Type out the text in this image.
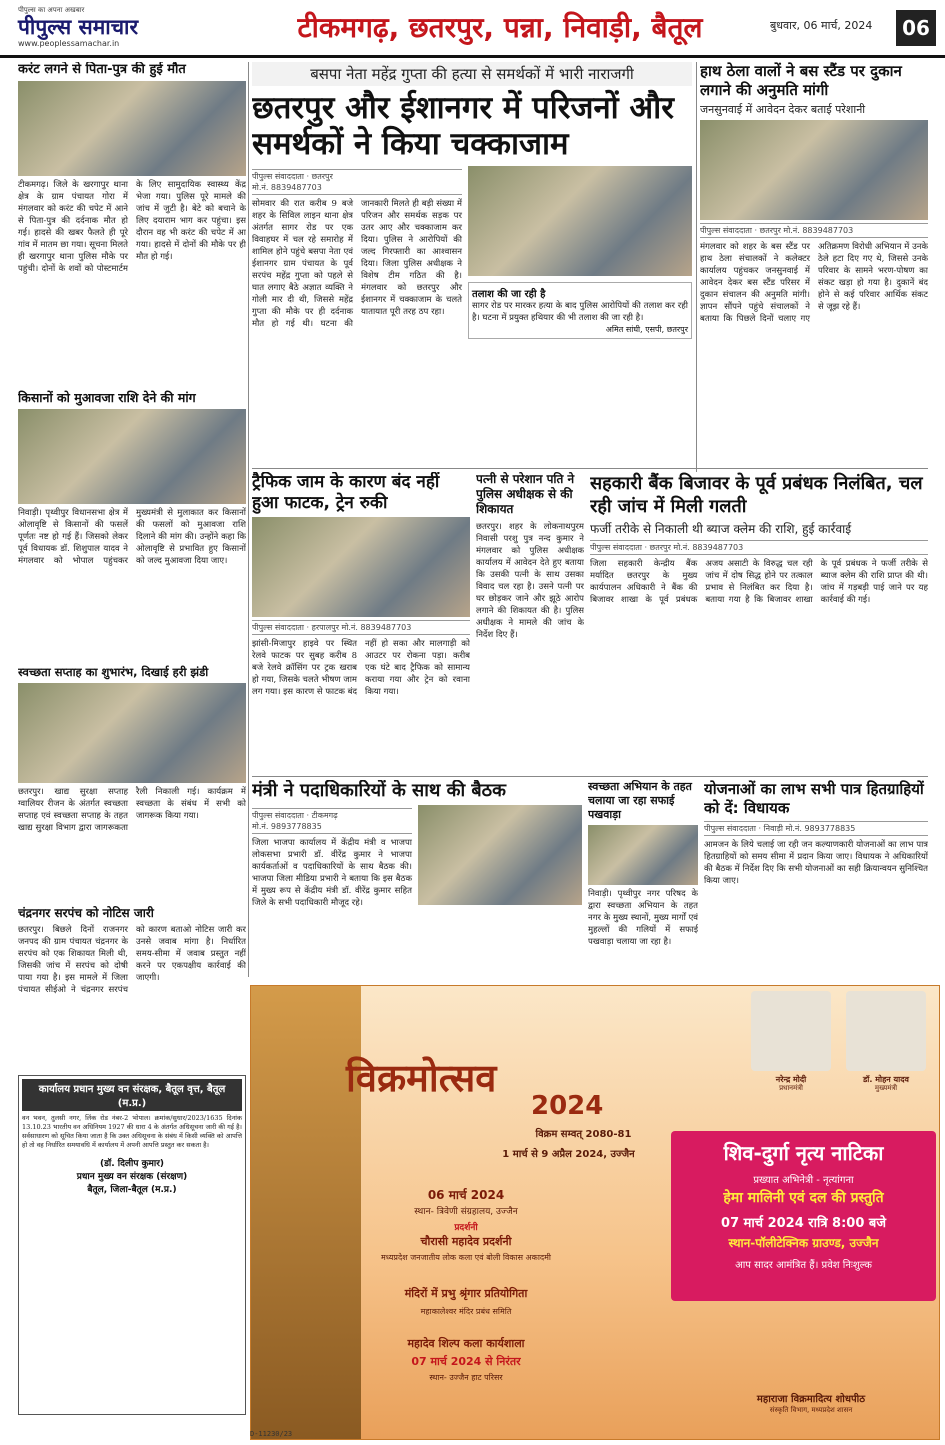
पीपुल्स का अपना अखबार
पीपुल्स समाचार
www.peoplessamachar.in	टीकमगढ़, छतरपुर, पन्ना, निवाड़ी, बैतूल	बुधवार, 06 मार्च, 2024	06
करंट लगने से पिता-पुत्र की हुई मौत
टीकमगढ़। जिले के खरगापुर थाना क्षेत्र के ग्राम पंचायत गोरा में मंगलवार को करंट की चपेट में आने से पिता-पुत्र की दर्दनाक मौत हो गई। हादसे की खबर फैलते ही पूरे गांव में मातम छा गया। सूचना मिलते ही खरगापुर थाना पुलिस मौके पर पहुंची। दोनों के शवों को पोस्टमार्टम के लिए सामुदायिक स्वास्थ्य केंद्र भेजा गया। पुलिस पूरे मामले की जांच में जुटी है। बेटे को बचाने के लिए दयाराम भाग कर पहुंचा। इस दौरान वह भी करंट की चपेट में आ गया। हादसे में दोनों की मौके पर ही मौत हो गई।
बसपा नेता महेंद्र गुप्ता की हत्या से समर्थकों में भारी नाराजगी
छतरपुर और ईशानगर में परिजनों और समर्थकों ने किया चक्काजाम
पीपुल्स संवाददाता · छतरपुर
मो.नं. 8839487703
सोमवार की रात करीब 9 बजे शहर के सिविल लाइन थाना क्षेत्र अंतर्गत सागर रोड पर एक विवाहघर में चल रहे समारोह में शामिल होने पहुंचे बसपा नेता एवं ईशानगर ग्राम पंचायत के पूर्व सरपंच महेंद्र गुप्ता को पहले से घात लगाए बैठे अज्ञात व्यक्ति ने गोली मार दी थी, जिससे महेंद्र गुप्ता की मौके पर ही दर्दनाक मौत हो गई थी। घटना की जानकारी मिलते ही बड़ी संख्या में परिजन और समर्थक सड़क पर उतर आए और चक्काजाम कर दिया। पुलिस ने आरोपियों की जल्द गिरफ्तारी का आश्वासन दिया। जिला पुलिस अधीक्षक ने विशेष टीम गठित की है। मंगलवार को छतरपुर और ईशानगर में चक्काजाम के चलते यातायात पूरी तरह ठप रहा।
तलाश की जा रही है
सागर रोड पर मारकर हत्या के बाद पुलिस आरोपियों की तलाश कर रही है। घटना में प्रयुक्त हथियार की भी तलाश की जा रही है।
अमित सांघी, एसपी, छतरपुर
हाथ ठेला वालों ने बस स्टैंड पर दुकान लगाने की अनुमति मांगी
जनसुनवाई में आवेदन देकर बताई परेशानी
पीपुल्स संवाददाता · छतरपुर मो.नं. 8839487703
मंगलवार को शहर के बस स्टैंड पर हाथ ठेला संचालकों ने कलेक्टर कार्यालय पहुंचकर जनसुनवाई में आवेदन देकर बस स्टैंड परिसर में दुकान संचालन की अनुमति मांगी। ज्ञापन सौंपने पहुंचे संचालकों ने बताया कि पिछले दिनों चलाए गए अतिक्रमण विरोधी अभियान में उनके ठेले हटा दिए गए थे, जिससे उनके परिवार के सामने भरण-पोषण का संकट खड़ा हो गया है। दुकानें बंद होने से कई परिवार आर्थिक संकट से जूझ रहे हैं।
किसानों को मुआवजा राशि देने की मांग
निवाड़ी। पृथ्वीपुर विधानसभा क्षेत्र में ओलावृष्टि से किसानों की फसलें पूर्णतः नष्ट हो गई हैं। जिसको लेकर पूर्व विधायक डॉ. शिशुपाल यादव ने मंगलवार को भोपाल पहुंचकर मुख्यमंत्री से मुलाकात कर किसानों की फसलों को मुआवजा राशि दिलाने की मांग की। उन्होंने कहा कि ओलावृष्टि से प्रभावित हुए किसानों को जल्द मुआवजा दिया जाए।
ट्रैफिक जाम के कारण बंद नहीं हुआ फाटक, ट्रेन रुकी
पीपुल्स संवाददाता · हरपालपुर मो.नं. 8839487703
झांसी-मिजापुर हाइवे पर स्थित रेलवे फाटक पर सुबह करीब 8 बजे रेलवे क्रॉसिंग पर ट्रक खराब हो गया, जिसके चलते भीषण जाम लग गया। इस कारण से फाटक बंद नहीं हो सका और मालगाड़ी को आउटर पर रोकना पड़ा। करीब एक घंटे बाद ट्रैफिक को सामान्य कराया गया और ट्रेन को रवाना किया गया।
पत्नी से परेशान पति ने पुलिस अधीक्षक से की शिकायत
छतरपुर। शहर के लोकनाथपुरम निवासी परशु पुत्र नन्द कुमार ने मंगलवार को पुलिस अधीक्षक कार्यालय में आवेदन देते हुए बताया कि उसकी पत्नी के साथ उसका विवाद चल रहा है। उसने पत्नी पर घर छोड़कर जाने और झूठे आरोप लगाने की शिकायत की है। पुलिस अधीक्षक ने मामले की जांच के निर्देश दिए हैं।
सहकारी बैंक बिजावर के पूर्व प्रबंधक निलंबित, चल रही जांच में मिली गलती
फर्जी तरीके से निकाली थी ब्याज क्लेम की राशि, हुई कार्रवाई
पीपुल्स संवाददाता · छतरपुर मो.नं. 8839487703
जिला सहकारी केन्द्रीय बैंक मर्यादित छतरपुर के मुख्य कार्यपालन अधिकारी ने बैंक की बिजावर शाखा के पूर्व प्रबंधक अजय असाटी के विरुद्ध चल रही जांच में दोष सिद्ध होने पर तत्काल प्रभाव से निलंबित कर दिया है। बताया गया है कि बिजावर शाखा के पूर्व प्रबंधक ने फर्जी तरीके से ब्याज क्लेम की राशि प्राप्त की थी। जांच में गड़बड़ी पाई जाने पर यह कार्रवाई की गई।
स्वच्छता सप्ताह का शुभारंभ, दिखाई हरी झंडी
छतरपुर। खाद्य सुरक्षा सप्ताह ग्वालियर रीजन के अंतर्गत स्वच्छता सप्ताह एवं स्वच्छता सप्ताह के तहत खाद्य सुरक्षा विभाग द्वारा जागरूकता रैली निकाली गई। कार्यक्रम में स्वच्छता के संबंध में सभी को जागरूक किया गया।
मंत्री ने पदाधिकारियों के साथ की बैठक
पीपुल्स संवाददाता · टीकमगढ़
मो.नं. 9893778835
जिला भाजपा कार्यालय में केंद्रीय मंत्री व भाजपा लोकसभा प्रभारी डॉ. वीरेंद्र कुमार ने भाजपा कार्यकर्ताओं व पदाधिकारियों के साथ बैठक की। भाजपा जिला मीडिया प्रभारी ने बताया कि इस बैठक में मुख्य रूप से केंद्रीय मंत्री डॉ. वीरेंद्र कुमार सहित जिले के सभी पदाधिकारी मौजूद रहे।
स्वच्छता अभियान के तहत चलाया जा रहा सफाई पखवाड़ा
निवाड़ी। पृथ्वीपुर नगर परिषद के द्वारा स्वच्छता अभियान के तहत नगर के मुख्य स्थानों, मुख्य मार्गों एवं मुहल्लों की गलियों में सफाई पखवाड़ा चलाया जा रहा है।
योजनाओं का लाभ सभी पात्र हितग्राहियों को दें: विधायक
पीपुल्स संवाददाता · निवाड़ी मो.नं. 9893778835
आमजन के लिये चलाई जा रही जन कल्याणकारी योजनाओं का लाभ पात्र हितग्राहियों को समय सीमा में प्रदान किया जाए। विधायक ने अधिकारियों की बैठक में निर्देश दिए कि सभी योजनाओं का सही क्रियान्वयन सुनिश्चित किया जाए।
चंद्रनगर सरपंच को नोटिस जारी
छतरपुर। बिछले दिनों राजनगर जनपद की ग्राम पंचायत चंद्रनगर के सरपंच को एक शिकायत मिली थी, जिसकी जांच में सरपंच को दोषी पाया गया है। इस मामले में जिला पंचायत सीईओ ने चंद्रनगर सरपंच को कारण बताओ नोटिस जारी कर उनसे जवाब मांगा है। निर्धारित समय-सीमा में जवाब प्रस्तुत नहीं करने पर एकपक्षीय कार्रवाई की जाएगी।
कार्यालय प्रधान मुख्य वन संरक्षक, बैतूल वृत्त, बैतूल (म.प्र.)
वन भवन, तुलसी नगर, लिंक रोड नंबर-2 भोपाल। क्रमांक/सुधार/2023/1635 दिनांक 13.10.23 भारतीय वन अधिनियम 1927 की धारा 4 के अंतर्गत अधिसूचना जारी की गई है। सर्वसाधारण को सूचित किया जाता है कि उक्त अधिसूचना के संबंध में किसी व्यक्ति को आपत्ति हो तो वह निर्धारित समयावधि में कार्यालय में अपनी आपत्ति प्रस्तुत कर सकता है।
(डॉ. दिलीप कुमार)
प्रधान मुख्य वन संरक्षक (संरक्षण)
बैतूल, जिला-बैतूल (म.प्र.)
विक्रमोत्सव
2024
विक्रम सम्वत् 2080-81
1 मार्च से 9 अप्रैल 2024, उज्जैन
06 मार्च 2024
स्थान- त्रिवेणी संग्रहालय, उज्जैन
प्रदर्शनी
चौरासी महादेव प्रदर्शनी
मध्यप्रदेश जनजातीय लोक कला एवं बोली विकास अकादमी
मंदिरों में प्रभु श्रृंगार प्रतियोगिता
महाकालेश्वर मंदिर प्रबंध समिति
महादेव शिल्प कला कार्यशाला
07 मार्च 2024 से निरंतर
स्थान- उज्जैन हाट परिसर
नरेन्द्र मोदी
प्रधानमंत्री
डॉ. मोहन यादव
मुख्यमंत्री
शिव-दुर्गा नृत्य नाटिका
प्रख्यात अभिनेत्री - नृत्यांगना
हेमा मालिनी एवं दल की प्रस्तुति
07 मार्च 2024 रात्रि 8:00 बजे
स्थान-पॉलीटेक्निक ग्राउण्ड, उज्जैन
आप सादर आमंत्रित हैं। प्रवेश निःशुल्क
महाराजा विक्रमादित्य शोधपीठ
संस्कृति विभाग, मध्यप्रदेश शासन
D-11230/23
